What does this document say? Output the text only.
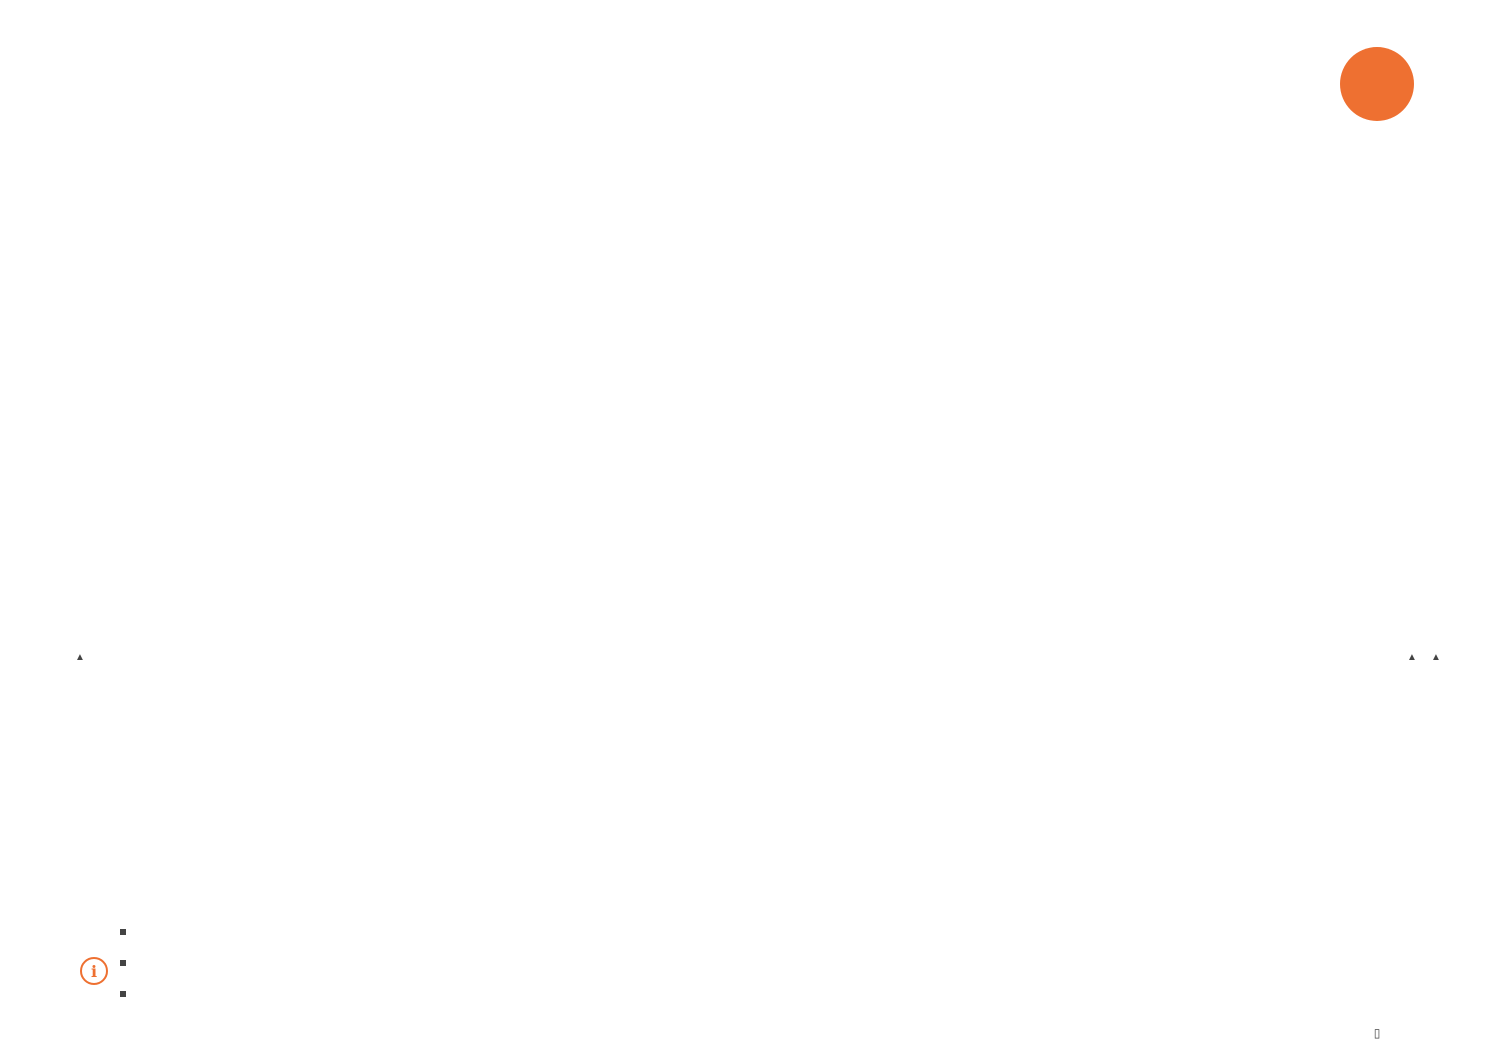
▲	▲ ▲
i
▯
